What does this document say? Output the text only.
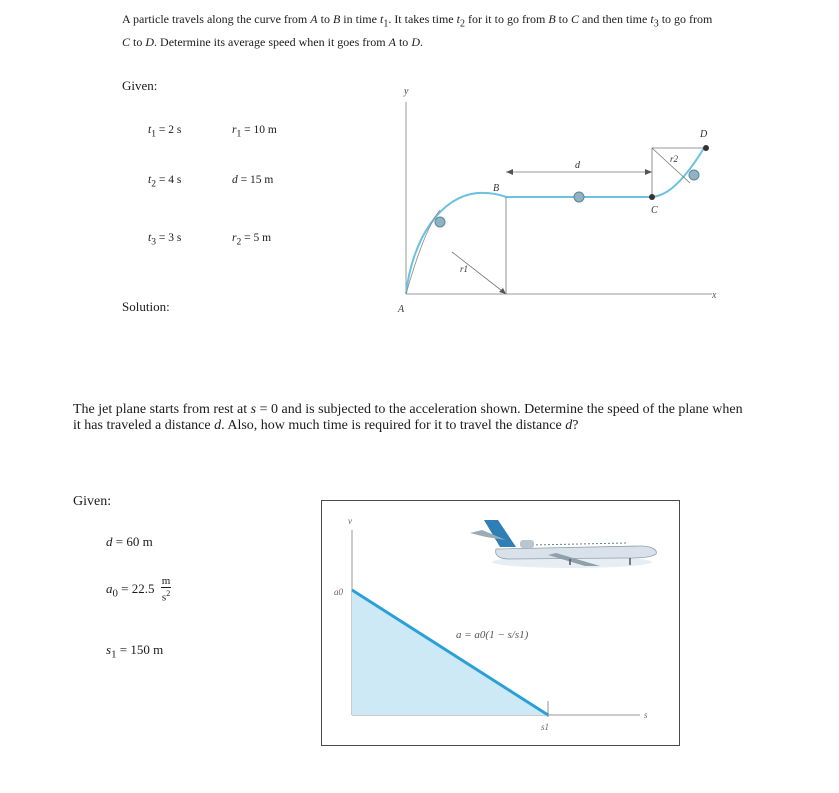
A particle travels along the curve from A to B in time $t_1$. It takes time $t_2$ for it to go from B to C and then time $t_3$ to go from C to D. Determine its average speed when it goes from A to D.
Given:
$t_1 = 2$ s	$r_1 = 10$ m
$t_2 = 4$ s	d = 15 m
$t_3 = 3$ s	$r_2 = 5$ m
Solution:
y
x
A
B
C
D
d
r1
r2
The jet plane starts from rest at s = 0 and is subjected to the acceleration shown. Determine the speed of the plane when it has traveled a distance d. Also, how much time is required for it to travel the distance d?
Given:
d = 60 m
$a_0 = 22.5 \frac{m}{s^2}$
$s_1 = 150$ m
v
s
a0
s1
a = a0(1 − s/s1)
